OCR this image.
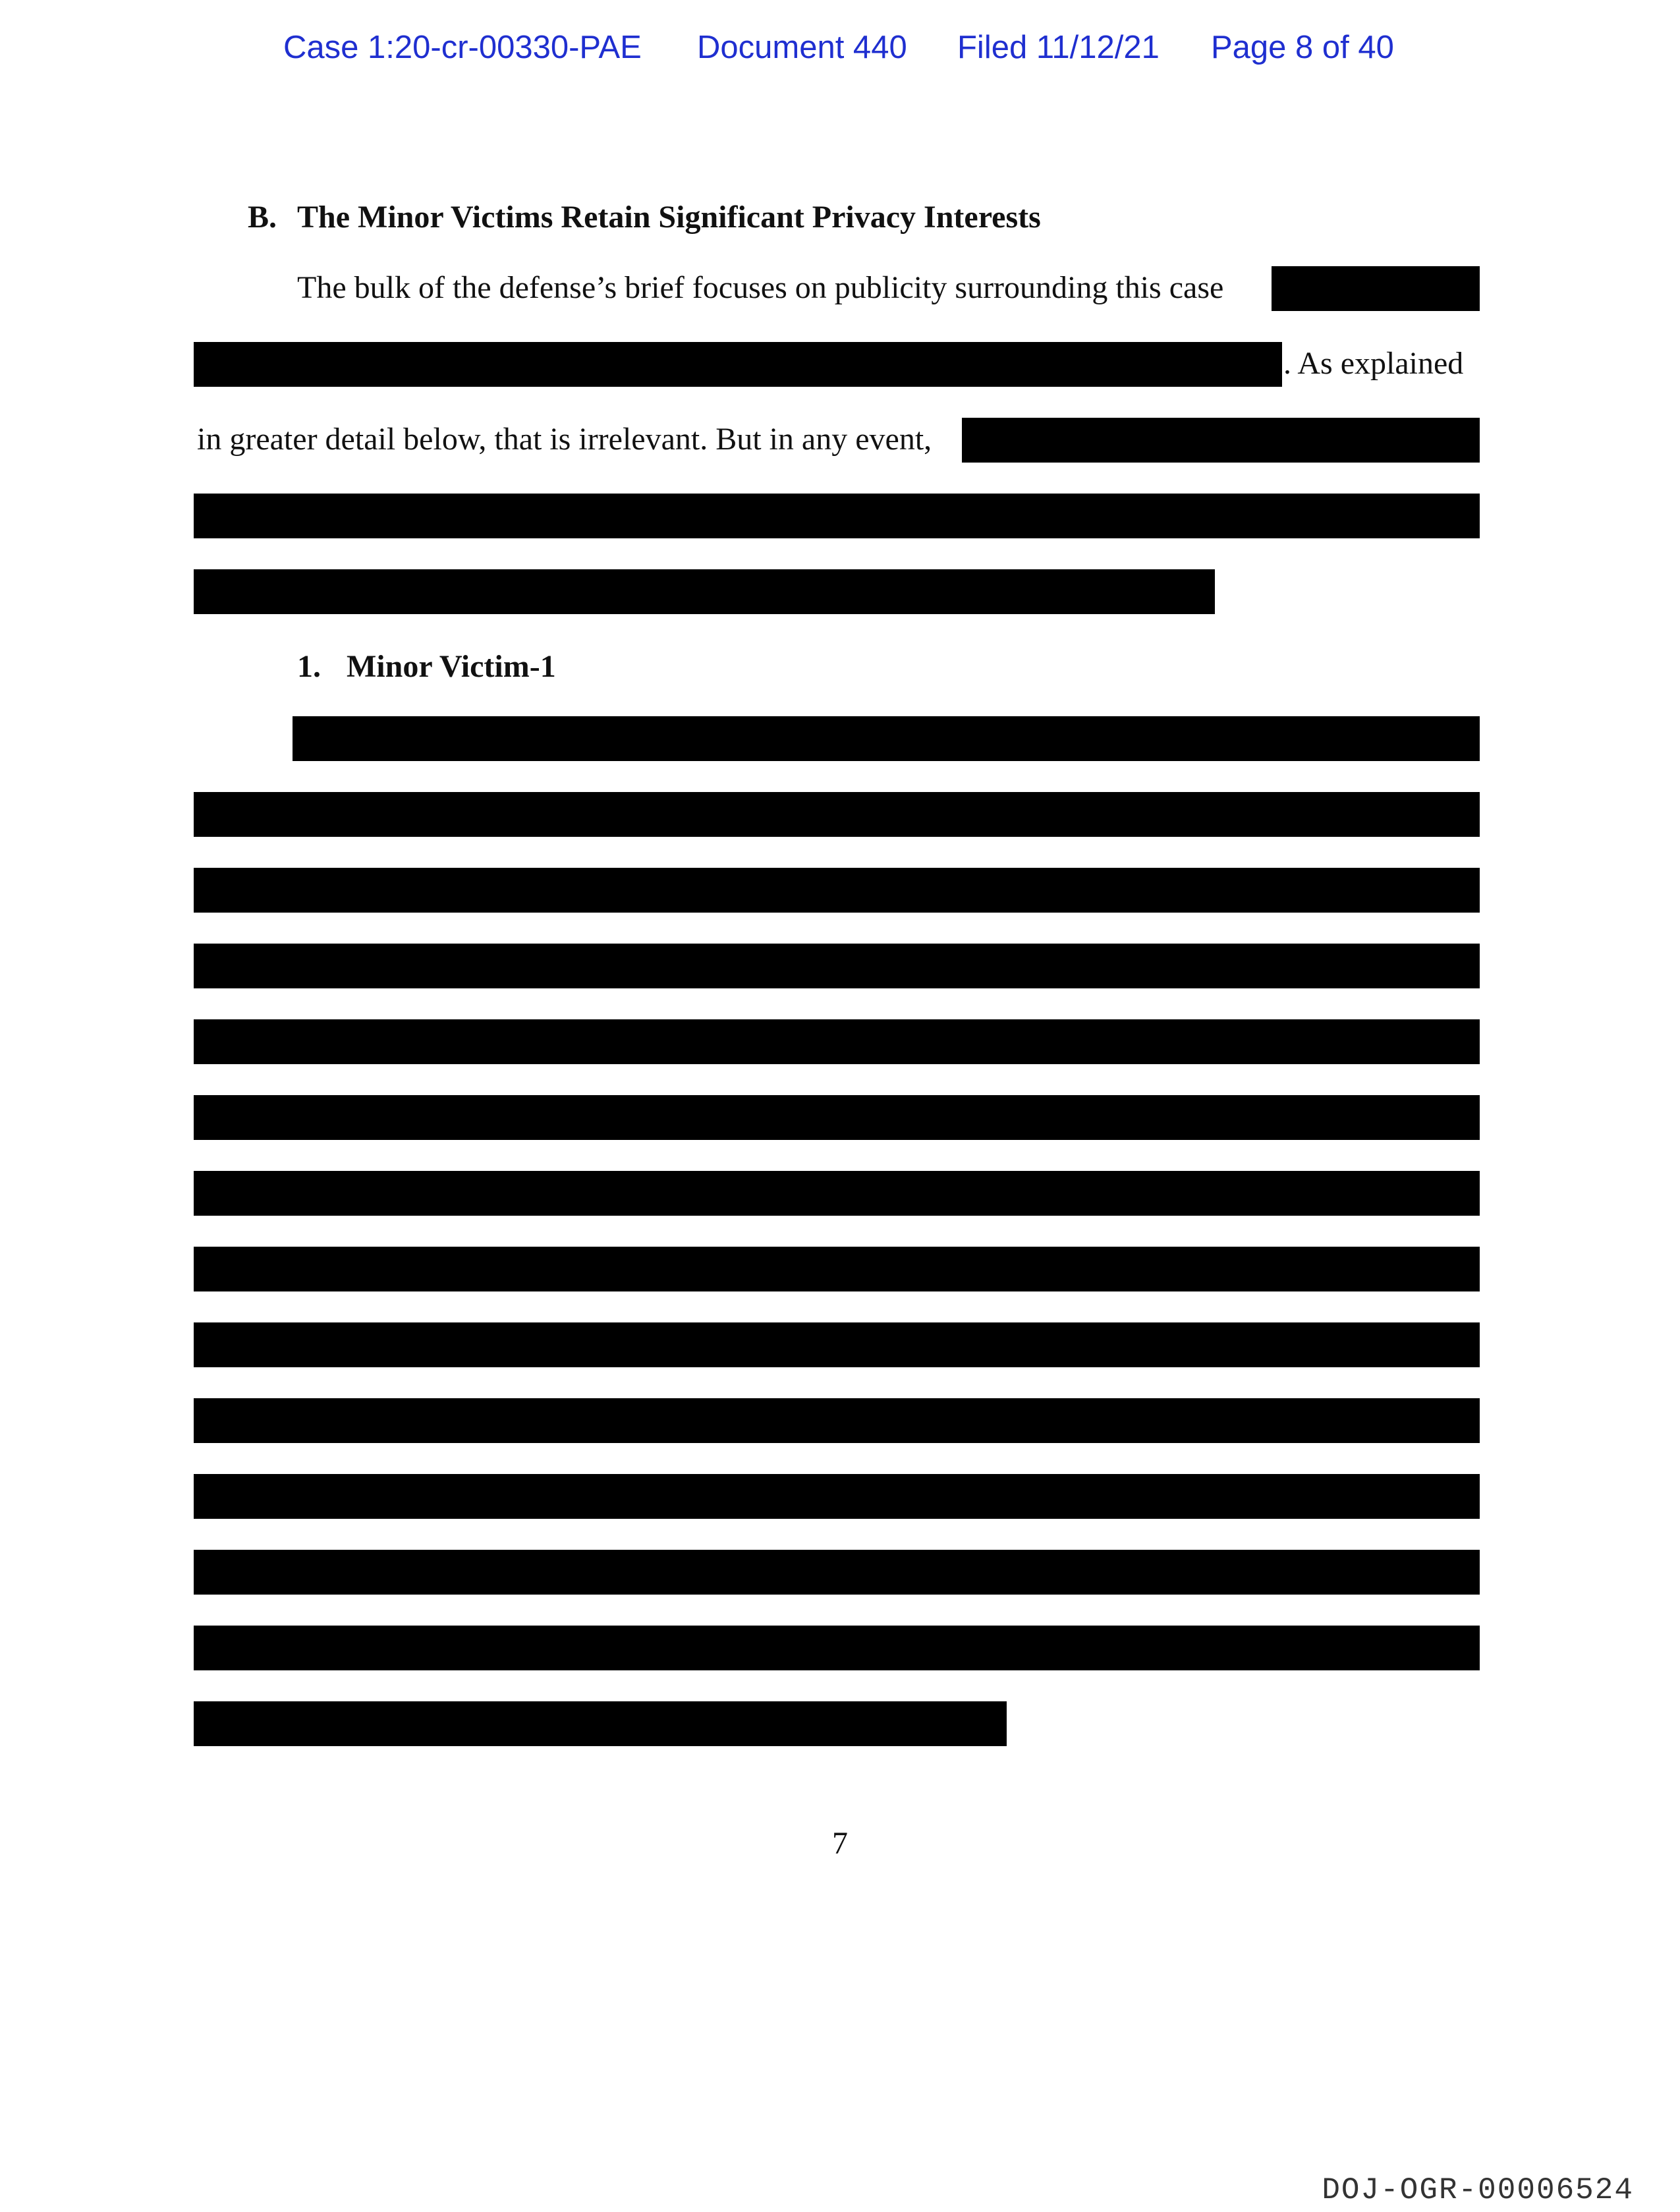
Case 1:20-cr-00330-PAE Document 440 Filed 11/12/21 Page 8 of 40
B. The Minor Victims Retain Significant Privacy Interests
The bulk of the defense’s brief focuses on publicity surrounding this case
. As explained
in greater detail below, that is irrelevant. But in any event,
1. Minor Victim-1
7
DOJ-OGR-00006524
